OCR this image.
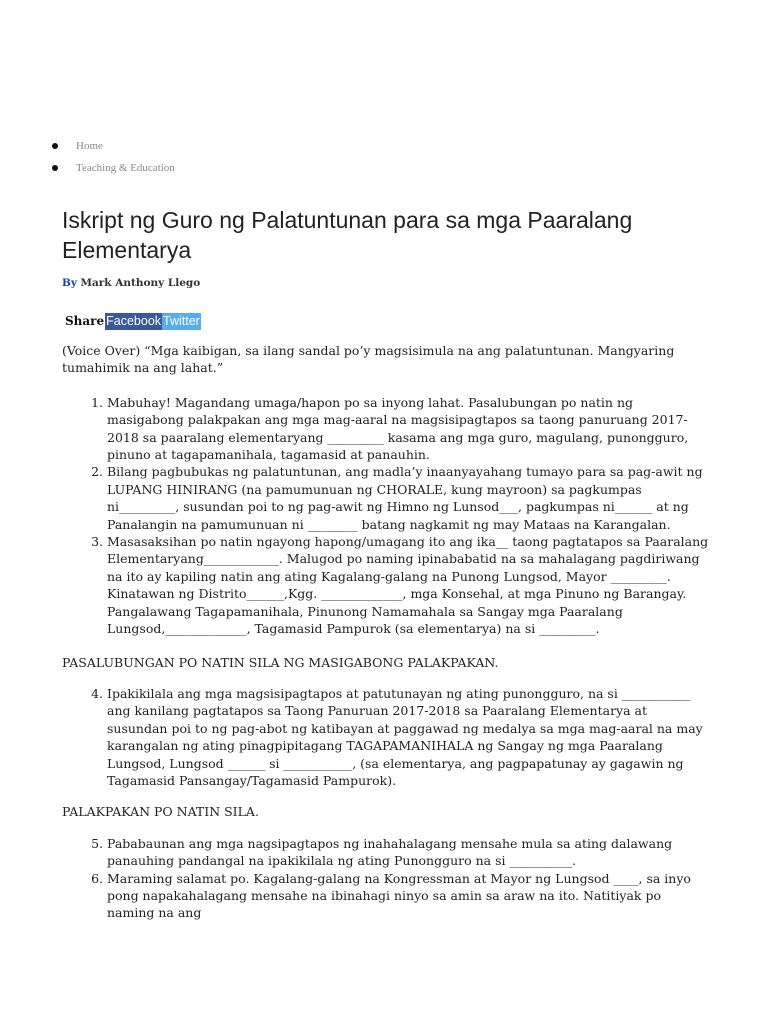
Home
Teaching & Education
Iskript ng Guro ng Palatuntunan para sa mga Paaralang Elementarya
By Mark Anthony Llego
Share Facebook Twitter

(Voice Over) “Mga kaibigan, sa ilang sandal po’y magsisimula na ang palatuntunan. Mangyaring tumahimik na ang lahat.”

1. Mabuhay! Magandang umaga/hapon po sa inyong lahat. Pasalubungan po natin ng masigabong palakpakan ang mga mag-aaral na magsisipagtapos sa taong panuruang 2017-2018 sa paaralang elementaryang _________ kasama ang mga guro, magulang, punongguro, pinuno at tagapamanihala, tagamasid at panauhin.
2. Bilang pagbubukas ng palatuntunan, ang madla’y inaanyayahang tumayo para sa pag-awit ng LUPANG HINIRANG (na pamumunuan ng CHORALE, kung mayroon) sa pagkumpas ni_________, susundan poi to ng pag-awit ng Himno ng Lunsod___, pagkumpas ni______ at ng Panalangin na pamumunuan ni ________ batang nagkamit ng may Mataas na Karangalan.
3. Masasaksihan po natin ngayong hapong/umagang ito ang ika__ taong pagtatapos sa Paaralang Elementaryang____________. Malugod po naming ipinababatid na sa mahalagang pagdiriwang na ito ay kapiling natin ang ating Kagalang-galang na Punong Lungsod, Mayor _________. Kinatawan ng Distrito______,Kgg. _____________, mga Konsehal, at mga Pinuno ng Barangay. Pangalawang Tagapamanihala, Pinunong Namamahala sa Sangay mga Paaralang Lungsod,_____________, Tagamasid Pampurok (sa elementarya) na si _________.

PASALUBUNGAN PO NATIN SILA NG MASIGABONG PALAKPAKAN.

4. Ipakikilala ang mga magsisipagtapos at patutunayan ng ating punongguro, na si ___________ ang kanilang pagtatapos sa Taong Panuruan 2017-2018 sa Paaralang Elementarya at susundan poi to ng pag-abot ng katibayan at paggawad ng medalya sa mga mag-aaral na may karangalan ng ating pinagpipitagang TAGAPAMANIHALA ng Sangay ng mga Paaralang Lungsod, Lungsod ______ si ___________, (sa elementarya, ang pagpapatunay ay gagawin ng Tagamasid Pansangay/Tagamasid Pampurok).

PALAKPAKAN PO NATIN SILA.

5. Pababaunan ang mga nagsipagtapos ng inahahalagang mensahe mula sa ating dalawang panauhing pandangal na ipakikilala ng ating Punongguro na si __________.
6. Maraming salamat po. Kagalang-galang na Kongressman at Mayor ng Lungsod ____, sa inyo pong napakahalagang mensahe na ibinahagi ninyo sa amin sa araw na ito. Natitiyak po naming na ang
